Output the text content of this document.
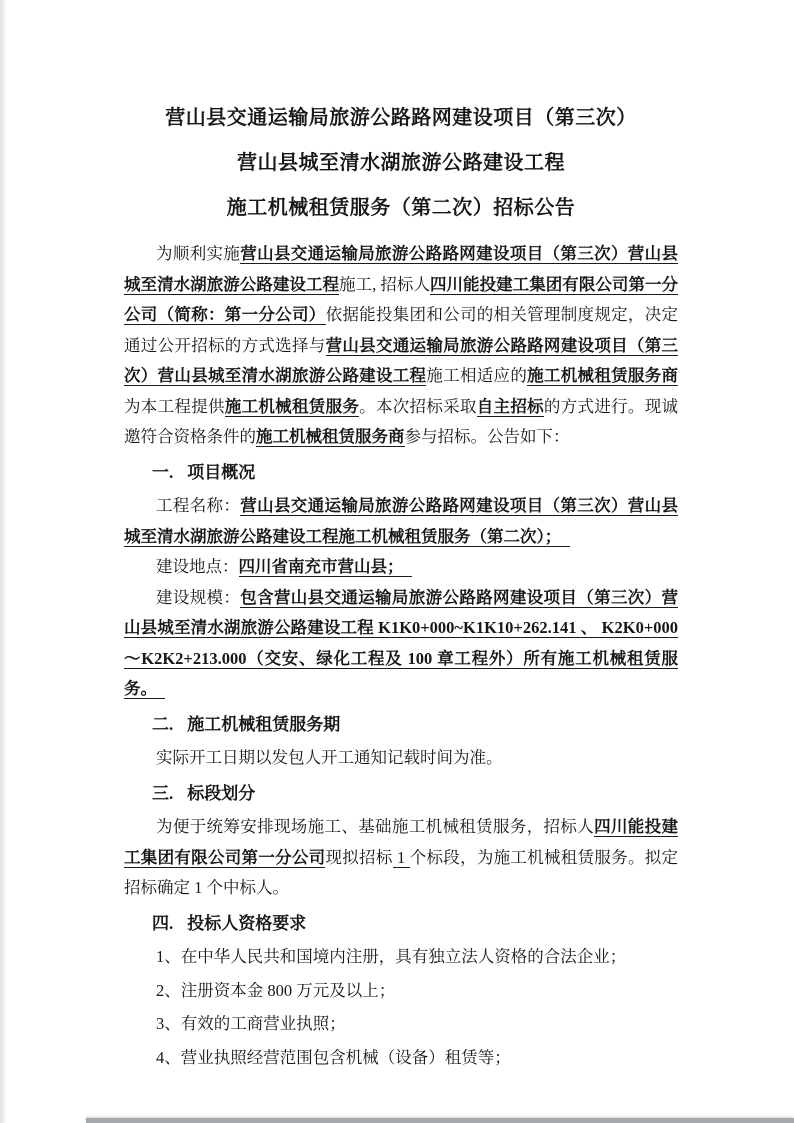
营山县交通运输局旅游公路路网建设项目（第三次）
营山县城至清水湖旅游公路建设工程
施工机械租赁服务（第二次）招标公告
为顺利实施营山县交通运输局旅游公路路网建设项目（第三次）营山县城至清水湖旅游公路建设工程施工, 招标人四川能投建工集团有限公司第一分公司（简称：第一分公司）依据能投集团和公司的相关管理制度规定，决定通过公开招标的方式选择与营山县交通运输局旅游公路路网建设项目（第三次）营山县城至清水湖旅游公路建设工程施工相适应的施工机械租赁服务商为本工程提供施工机械租赁服务。本次招标采取自主招标的方式进行。现诚邀符合资格条件的施工机械租赁服务商参与招标。公告如下：
一. 项目概况
工程名称：营山县交通运输局旅游公路路网建设项目（第三次）营山县城至清水湖旅游公路建设工程施工机械租赁服务（第二次）；　
建设地点：四川省南充市营山县；　
建设规模：包含营山县交通运输局旅游公路路网建设项目（第三次）营山县城至清水湖旅游公路建设工程 K1K0+000~K1K10+262.141 、 K2K0+000 ～K2K2+213.000（交安、绿化工程及 100 章工程外）所有施工机械租赁服务。　
二. 施工机械租赁服务期
实际开工日期以发包人开工通知记载时间为准。
三. 标段划分
为便于统筹安排现场施工、基础施工机械租赁服务，招标人四川能投建工集团有限公司第一分公司现拟招标 1 个标段，为施工机械租赁服务。拟定招标确定 1 个中标人。
四. 投标人资格要求
1、在中华人民共和国境内注册，具有独立法人资格的合法企业；
2、注册资本金 800 万元及以上；
3、有效的工商营业执照；
4、营业执照经营范围包含机械（设备）租赁等；
